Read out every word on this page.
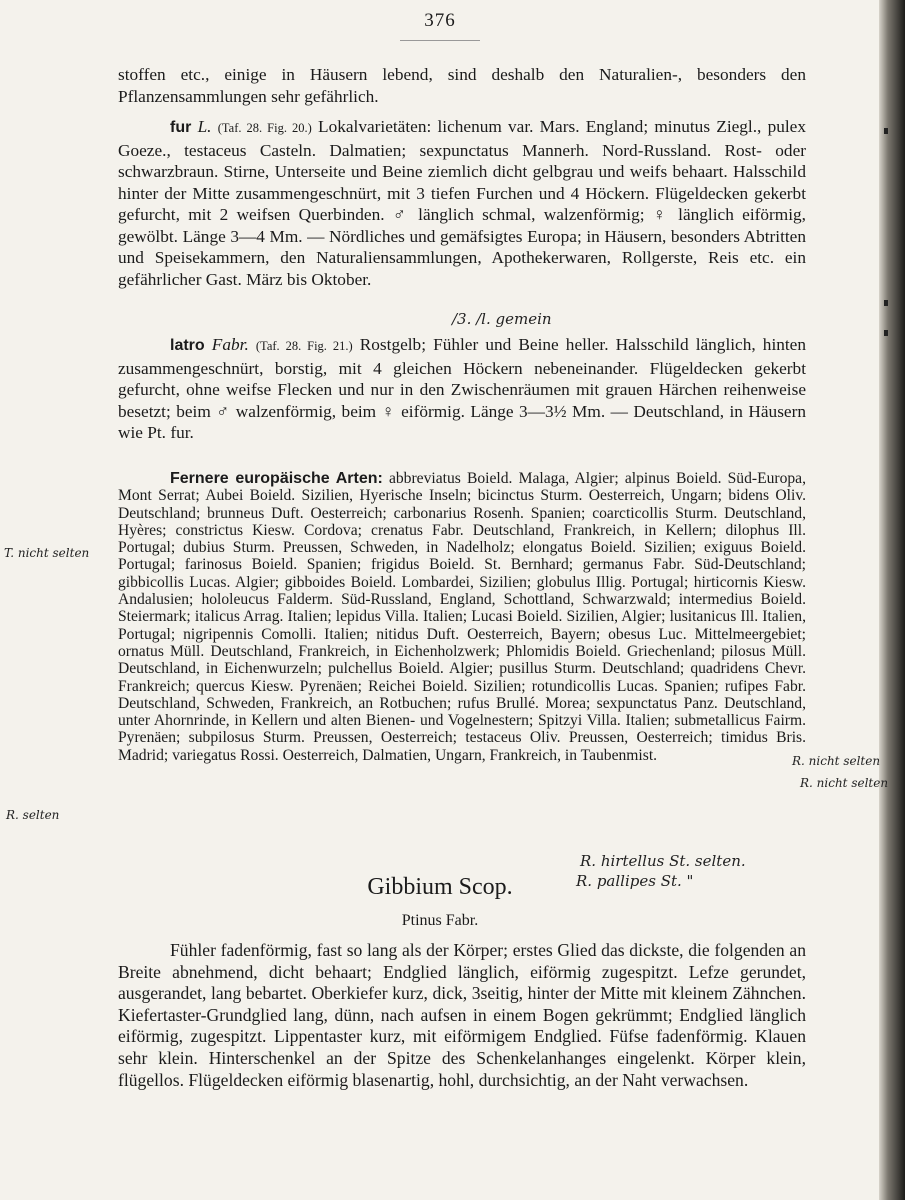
376

stoffen etc., einige in Häusern lebend, sind deshalb den Naturalien-, besonders den Pflanzensammlungen sehr gefährlich.

fur L. (Taf. 28. Fig. 20.) Lokalvarietäten: lichenum var. Mars. England; minutus Ziegl., pulex Goeze., testaceus Casteln. Dalmatien; sexpunctatus Mannerh. Nord-Russland. Rost- oder schwarzbraun. Stirne, Unterseite und Beine ziemlich dicht gelbgrau und weifs behaart. Halsschild hinter der Mitte zusammengeschnürt, mit 3 tiefen Furchen und 4 Höckern. Flügeldecken gekerbt gefurcht, mit 2 weifsen Querbinden. ♂ länglich schmal, walzenförmig; ♀ länglich eiförmig, gewölbt. Länge 3—4 Mm. — Nördliches und gemäfsigtes Europa; in Häusern, besonders Abtritten und Speisekammern, den Naturaliensammlungen, Apothekerwaren, Rollgerste, Reis etc. ein gefährlicher Gast. März bis Oktober.

latro Fabr. (Taf. 28. Fig. 21.) Rostgelb; Fühler und Beine heller. Halsschild länglich, hinten zusammengeschnürt, borstig, mit 4 gleichen Höckern nebeneinander. Flügeldecken gekerbt gefurcht, ohne weifse Flecken und nur in den Zwischenräumen mit grauen Härchen reihenweise besetzt; beim ♂ walzenförmig, beim ♀ eiförmig. Länge 3—3½ Mm. — Deutschland, in Häusern wie Pt. fur.

Fernere europäische Arten: abbreviatus Boield. Malaga, Algier; alpinus Boield. Süd-Europa, Mont Serrat; Aubei Boield. Sizilien, Hyerische Inseln; bicinctus Sturm. Oesterreich, Ungarn; bidens Oliv. Deutschland; brunneus Duft. Oesterreich; carbonarius Rosenh. Spanien; coarcticollis Sturm. Deutschland, Hyères; constrictus Kiesw. Cordova; crenatus Fabr. Deutschland, Frankreich, in Kellern; dilophus Ill. Portugal; dubius Sturm. Preussen, Schweden, in Nadelholz; elongatus Boield. Sizilien; exiguus Boield. Portugal; farinosus Boield. Spanien; frigidus Boield. St. Bernhard; germanus Fabr. Süd-Deutschland; gibbicollis Lucas. Algier; gibboides Boield. Lombardei, Sizilien; globulus Illig. Portugal; hirticornis Kiesw. Andalusien; hololeucus Falderm. Süd-Russland, England, Schottland, Schwarzwald; intermedius Boield. Steiermark; italicus Arrag. Italien; lepidus Villa. Italien; Lucasi Boield. Sizilien, Algier; lusitanicus Ill. Italien, Portugal; nigripennis Comolli. Italien; nitidus Duft. Oesterreich, Bayern; obesus Luc. Mittelmeergebiet; ornatus Müll. Deutschland, Frankreich, in Eichenholzwerk; Phlomidis Boield. Griechenland; pilosus Müll. Deutschland, in Eichenwurzeln; pulchellus Boield. Algier; pusillus Sturm. Deutschland; quadridens Chevr. Frankreich; quercus Kiesw. Pyrenäen; Reichei Boield. Sizilien; rotundicollis Lucas. Spanien; rufipes Fabr. Deutschland, Schweden, Frankreich, an Rotbuchen; rufus Brullé. Morea; sexpunctatus Panz. Deutschland, unter Ahornrinde, in Kellern und alten Bienen- und Vogelnestern; Spitzyi Villa. Italien; submetallicus Fairm. Pyrenäen; subpilosus Sturm. Preussen, Oesterreich; testaceus Oliv. Preussen, Oesterreich; timidus Bris. Madrid; variegatus Rossi. Oesterreich, Dalmatien, Ungarn, Frankreich, in Taubenmist.
Gibbium Scop.
Ptinus Fabr.
Fühler fadenförmig, fast so lang als der Körper; erstes Glied das dickste, die folgenden an Breite abnehmend, dicht behaart; Endglied länglich, eiförmig zugespitzt. Lefze gerundet, ausgerandet, lang bebartet. Oberkiefer kurz, dick, 3seitig, hinter der Mitte mit kleinem Zähnchen. Kiefertaster-Grundglied lang, dünn, nach aufsen in einem Bogen gekrümmt; Endglied länglich eiförmig, zugespitzt. Lippentaster kurz, mit eiförmigem Endglied. Füfse fadenförmig. Klauen sehr klein. Hinterschenkel an der Spitze des Schenkelanhanges eingelenkt. Körper klein, flügellos. Flügeldecken eiförmig blasenartig, hohl, durchsichtig, an der Naht verwachsen.
/3. /l. gemein
T. nicht selten
R. nicht selten
R. nicht selten
R. selten
R. hirtellus St. selten.
R. pallipes St. "
